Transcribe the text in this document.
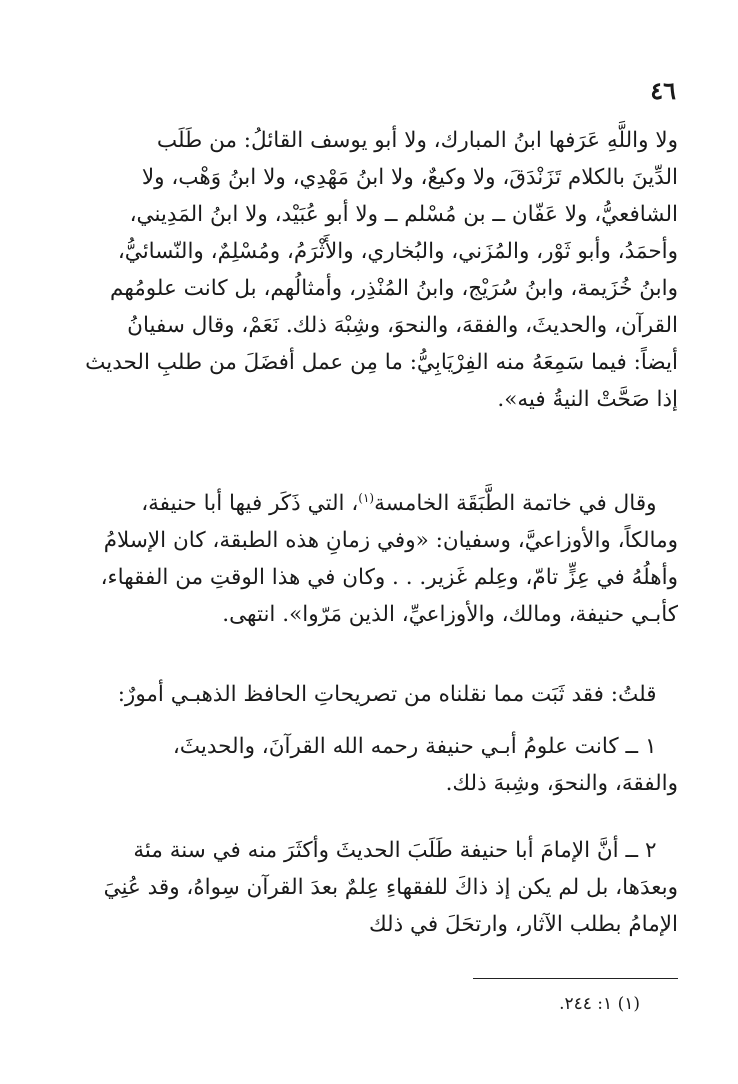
٤٦

ولا واللَّهِ عَرَفها ابنُ المبارك، ولا أبو يوسف القائلُ: من طَلَب
الدِّينَ بالكلام تَزَنْدَقَ، ولا وكيعٌ، ولا ابنُ مَهْدِي، ولا ابنُ وَهْب، ولا
الشافعيُّ، ولا عَفّان ــ بن مُسْلم ــ ولا أبو عُبَيْد، ولا ابنُ المَدِيني،
وأحمَدُ، وأبو ثَوْر، والمُزَني، والبُخاري، والأَثْرَمُ، ومُسْلِمٌ، والنّسائيُّ،
وابنُ خُزَيمة، وابنُ سُرَيْج، وابنُ المُنْذِر، وأمثالُهم، بل كانت علومُهم
القرآن، والحديثَ، والفقهَ، والنحوَ، وشِبْهَ ذلك. نَعَمْ، وقال سفيانُ
أيضاً: فيما سَمِعَهُ منه الفِرْيَابِيُّ: ما مِن عمل أفضَلَ من طلبِ الحديث
إذا صَحَّتْ النيةُ فيه».

 وقال في خاتمة الطَّبَقَة الخامسة$^{(١)}$، التي ذَكَر فيها أبا حنيفة،
ومالكاً، والأوزاعيَّ، وسفيان: «وفي زمانِ هذه الطبقة، كان الإسلامُ
وأهلُهُ في عِزٍّ تامّ، وعِلم غَزير. . . وكان في هذا الوقتِ من الفقهاء،
كأبـي حنيفة، ومالك، والأوزاعيِّ، الذين مَرّوا». انتهى.

 قلتُ: فقد ثَبَت مما نقلناه من تصريحاتِ الحافظ الذهبـي أمورٌ:

 ١ ــ كانت علومُ أبـي حنيفة رحمه الله القرآنَ، والحديثَ،
والفقهَ، والنحوَ، وشِبهَ ذلك.

 ٢ ــ أنَّ الإمامَ أبا حنيفة طَلَبَ الحديثَ وأكثَرَ منه في سنة مئة
وبعدَها، بل لم يكن إذ ذاكَ للفقهاءِ عِلمٌ بعدَ القرآن سِواهُ، وقد عُنِيَ
الإمامُ بطلب الآثار، وارتحَلَ في ذلك

(١) ١: ٢٤٤.
